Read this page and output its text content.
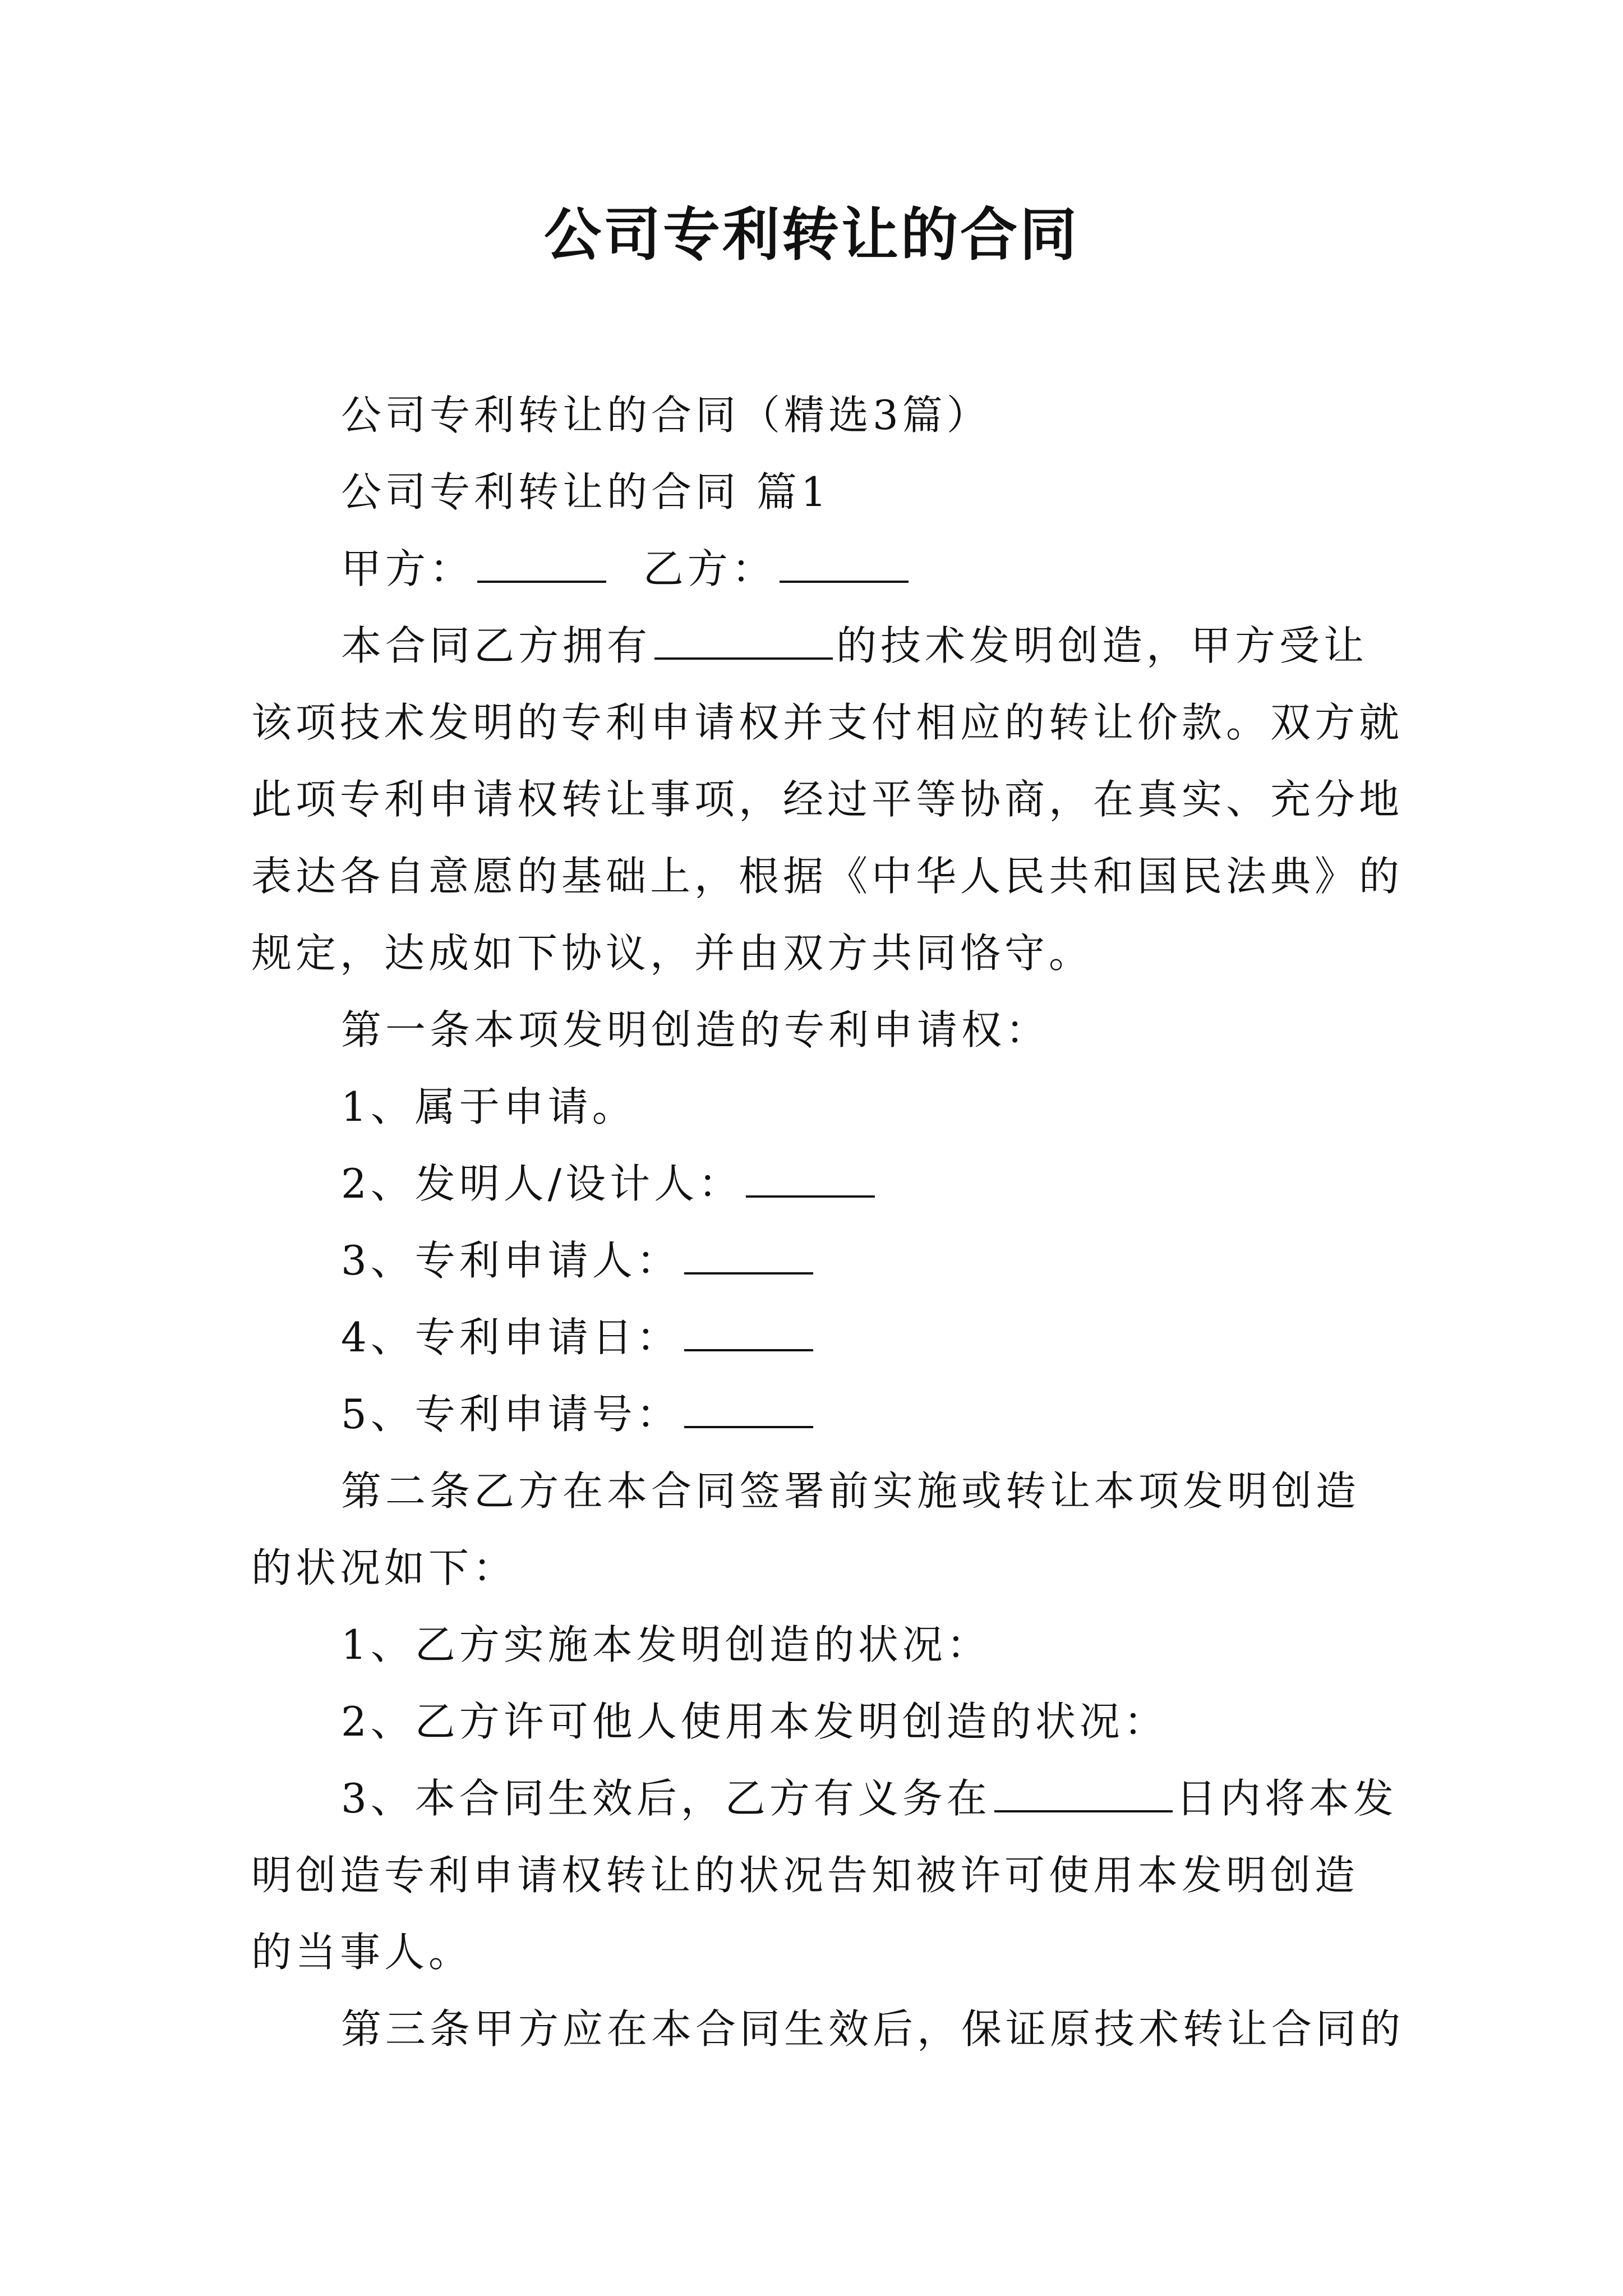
公司专利转让的合同

公司专利转让的合同（精选3篇）

公司专利转让的合同 篇1

甲方：	乙方：

本合同乙方拥有	的技术发明创造，甲方受让

该项技术发明的专利申请权并支付相应的转让价款。双方就

此项专利申请权转让事项，经过平等协商，在真实、充分地

表达各自意愿的基础上，根据《中华人民共和国民法典》的

规定，达成如下协议，并由双方共同恪守。

第一条本项发明创造的专利申请权：

1、属于申请。

2、发明人/设计人：

3、专利申请人：

4、专利申请日：

5、专利申请号：

第二条乙方在本合同签署前实施或转让本项发明创造

的状况如下：

1、乙方实施本发明创造的状况：

2、乙方许可他人使用本发明创造的状况：

3、本合同生效后，乙方有义务在	日内将本发

明创造专利申请权转让的状况告知被许可使用本发明创造

的当事人。

第三条甲方应在本合同生效后，保证原技术转让合同的
